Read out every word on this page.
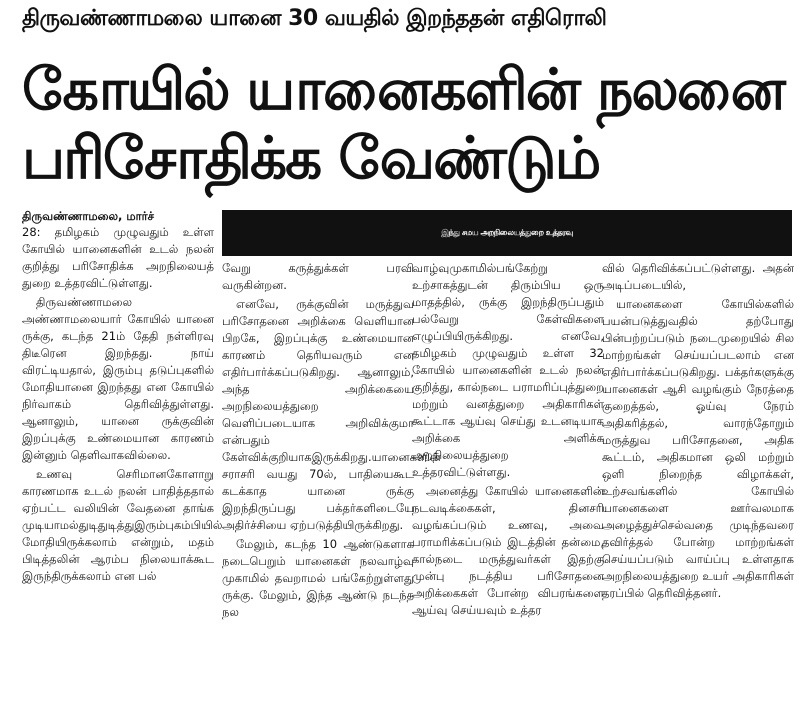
திருவண்ணாமலை யானை 30 வயதில் இறந்ததன் எதிரொலி
கோயில் யானைகளின் நலனை
பரிசோதிக்க வேண்டும்
திருவண்ணாமலை, மார்ச்
இந்து சமய அறநிலையத்துறை உத்தரவு

28: தமிழகம் முழுவதும் உள்ள கோயில் யானைகளின் உடல் நலன் குறித்து பரிசோதிக்க அறநிலையத் துறை உத்தரவிட்டுள்ளது.

திருவண்ணாமலை அண்ணாமலையார் கோயில் யானை ருக்கு, கடந்த 21ம் தேதி நள்ளிரவு திடீரென இறந்தது. நாய் விரட்டியதால், இரும்பு தடுப்புகளில் மோதியானை இறந்தது என கோயில் நிர்வாகம் தெரிவித்துள்ளது. ஆனாலும், யானை ருக்குவின் இறப்புக்கு உண்மையான காரணம் இன்னும் தெளிவாகவில்லை.

உணவு செரிமானகோளாறு காரணமாக உடல் நலன் பாதித்ததால் ஏற்பட்ட வலியின் வேதனை தாங்க முடியாமல்துடிதுடித்துஇரும்புகம்பியில் மோதியிருக்கலாம் என்றும், மதம் பிடித்தலின் ஆரம்ப நிலையாக்கூட இருந்திருக்கலாம் என பல்

வேறு கருத்துக்கள் பரவி வருகின்றன.

எனவே, ருக்குவின் மருத்துவ பரிசோதனை அறிக்கை வெளியான பிறகே, இறப்புக்கு உண்மையான காரணம் தெரியவரும் என எதிர்பார்க்கப்படுகிறது. ஆனாலும், அந்த அறிக்கையை அறநிலையத்துறை வெளிப்படையாக அறிவிக்குமா என்பதும் கேள்விக்குறியாகஇருக்கிறது.யானைகளின் சராசரி வயது 70ல், பாதியைகூட கடக்காத யானை ருக்கு இறந்திருப்பது பக்தர்களிடையே அதிர்ச்சியை ஏற்படுத்தியிருக்கிறது.

மேலும், கடந்த 10 ஆண்டுகளாக நடைபெறும் யானைகள் நலவாழ்வு முகாமில் தவறாமல் பங்கேற்றுள்ளது ருக்கு. மேலும், இந்த ஆண்டு நடந்த நல

வாழ்வுமுகாமில்பங்கேற்று உற்சாகத்துடன் திரும்பிய ஒரு மாதத்தில், ருக்கு இறந்திருப்பதும் பல்வேறு கேள்விகளை எழுப்பியிருக்கிறது. எனவே, தமிழகம் முழுவதும் உள்ள 32 கோயில் யானைகளின் உடல் நலன் குறித்து, கால்நடை பராமரிப்புத்துறை மற்றும் வனத்துறை அதிகாரிகள் கூட்டாக ஆய்வு செய்து உடனடியாக அறிக்கை அளிக்க அறநிலையத்துறை உத்தரவிட்டுள்ளது.

அனைத்து கோயில் யானைகளின் நடவடிக்கைகள், தினசரி வழங்கப்படும் உணவு, அவை பராமரிக்கப்படும் இடத்தின் தன்மை, கால்நடை மருத்துவர்கள் இதற்கு முன்பு நடத்திய பரிசோதனை அறிக்கைகள் போன்ற விபரங்களை ஆய்வு செய்யவும் உத்தர

வில் தெரிவிக்கப்பட்டுள்ளது. அதன் அடிப்படையில்,

யானைகளை கோயில்களில் பயன்படுத்துவதில் தற்போது பின்பற்றப்படும் நடைமுறையில் சில மாற்றங்கள் செய்யப்படலாம் என எதிர்பார்க்கப்படுகிறது. பக்தர்களுக்கு யானைகள் ஆசி வழங்கும் நேரத்தை குறைத்தல், ஓய்வு நேரம் அதிகரித்தல், வாரந்தோறும் மருத்துவ பரிசோதனை, அதிக கூட்டம், அதிகமான ஒலி மற்றும் ஒளி நிறைந்த விழாக்கள், உற்சவங்களில் கோயில் யானைகளை ஊர்வலமாக அழைத்துச்செல்வதை முடிந்தவரை தவிர்த்தல் போன்ற மாற்றங்கள் செய்யப்படும் வாய்ப்பு உள்ளதாக அறநிலையத்துறை உயர் அதிகாரிகள் தரப்பில் தெரிவித்தனர்.
